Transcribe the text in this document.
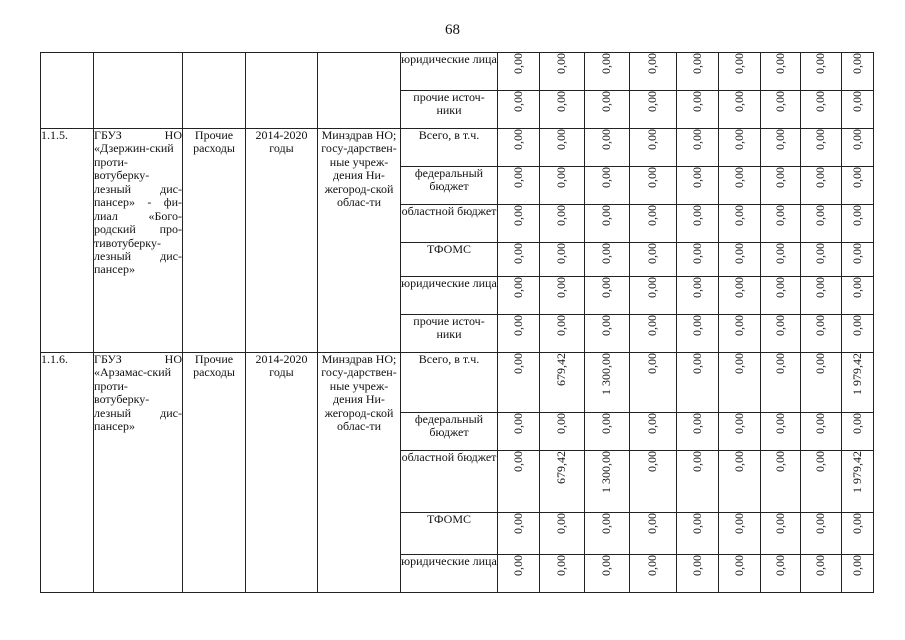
68
					юридические лица	0,00	0,00	0,00	0,00	0,00	0,00	0,00	0,00	0,00
					прочие источ-ники	0,00	0,00	0,00	0,00	0,00	0,00	0,00	0,00	0,00
1.1.5.	ГБУЗ НО «Дзержин-ский проти-вотуберку-лезный дис-пансер» - фи-лиал «Бого-родский про-тивотуберку-лезный дис-пансер»	Прочие расходы	2014-2020 годы	Минздрав НО; госу-дарствен-ные учреж-дения Ни-жегород-ской облас-ти	Всего, в т.ч.	0,00	0,00	0,00	0,00	0,00	0,00	0,00	0,00	0,00
					федеральный бюджет	0,00	0,00	0,00	0,00	0,00	0,00	0,00	0,00	0,00
					областной бюджет	0,00	0,00	0,00	0,00	0,00	0,00	0,00	0,00	0,00
					ТФОМС	0,00	0,00	0,00	0,00	0,00	0,00	0,00	0,00	0,00
					юридические лица	0,00	0,00	0,00	0,00	0,00	0,00	0,00	0,00	0,00
					прочие источ-ники	0,00	0,00	0,00	0,00	0,00	0,00	0,00	0,00	0,00
1.1.6.	ГБУЗ НО «Арзамас-ский проти-вотуберку-лезный дис-пансер»	Прочие расходы	2014-2020 годы	Минздрав НО; госу-дарствен-ные учреж-дения Ни-жегород-ской облас-ти	Всего, в т.ч.	0,00	679,42	1 300,00	0,00	0,00	0,00	0,00	0,00	1 979,42
					федеральный бюджет	0,00	0,00	0,00	0,00	0,00	0,00	0,00	0,00	0,00
					областной бюджет	0,00	679,42	1 300,00	0,00	0,00	0,00	0,00	0,00	1 979,42
					ТФОМС	0,00	0,00	0,00	0,00	0,00	0,00	0,00	0,00	0,00
					юридические лица	0,00	0,00	0,00	0,00	0,00	0,00	0,00	0,00	0,00
